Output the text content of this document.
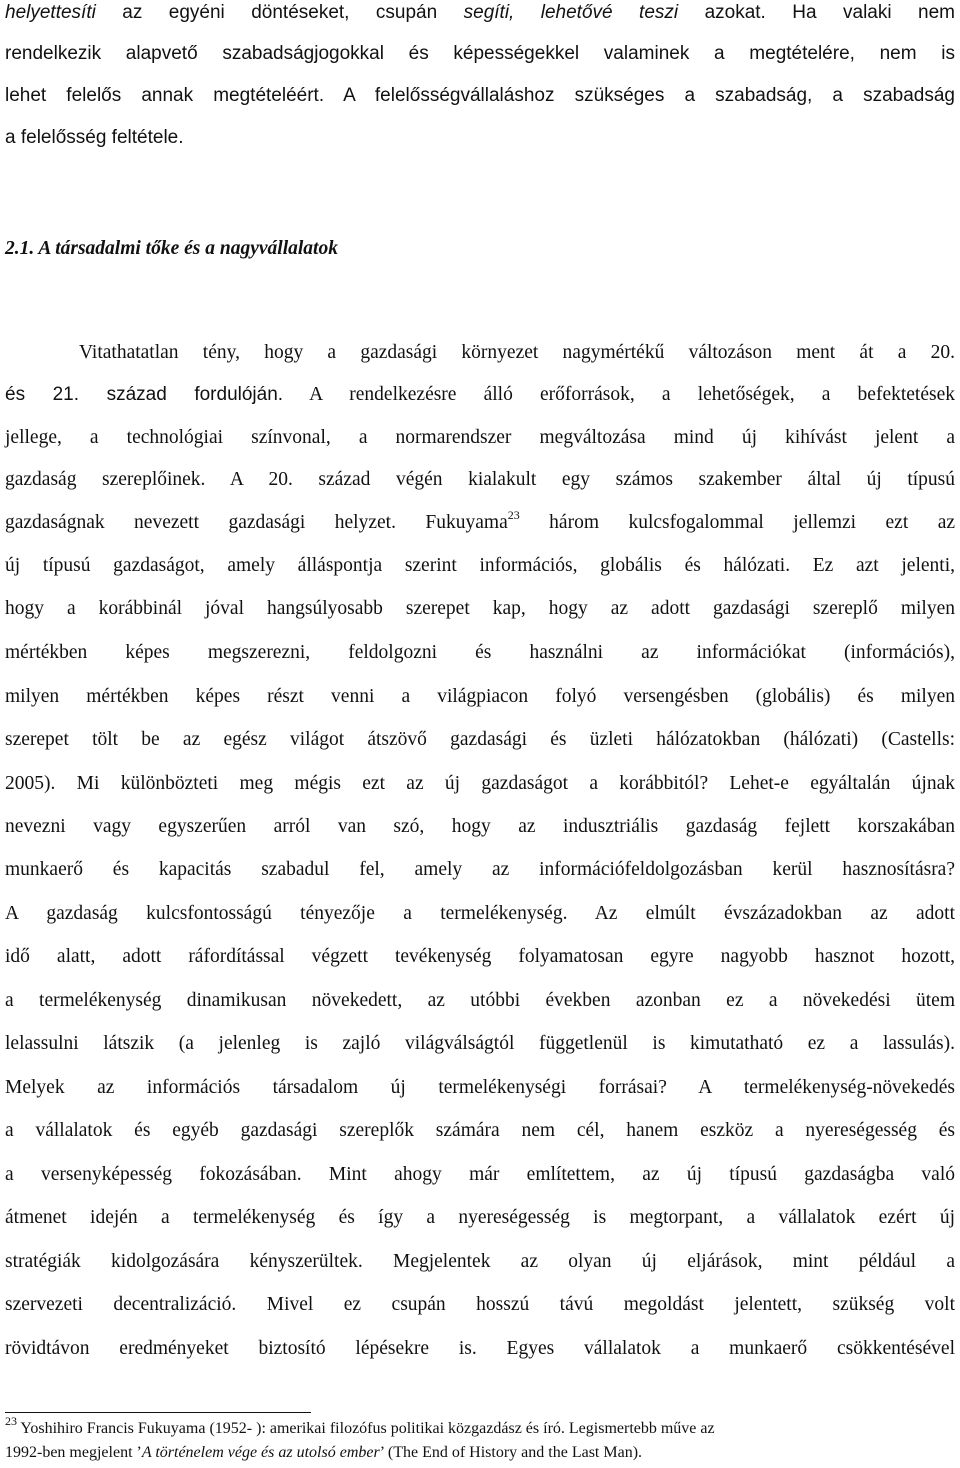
helyettesíti az egyéni döntéseket, csupán segíti, lehetővé teszi azokat. Ha valaki nem
rendelkezik alapvető szabadságjogokkal és képességekkel valaminek a megtételére, nem is
lehet felelős annak megtételéért. A felelősségvállaláshoz szükséges a szabadság, a szabadság
a felelősség feltétele.
2.1. A társadalmi tőke és a nagyvállalatok
Vitathatatlan tény, hogy a gazdasági környezet nagymértékű változáson ment át a 20.
és 21. század fordulóján. A rendelkezésre álló erőforrások, a lehetőségek, a befektetések
jellege, a technológiai színvonal, a normarendszer megváltozása mind új kihívást jelent a
gazdaság szereplőinek. A 20. század végén kialakult egy számos szakember által új típusú
gazdaságnak nevezett gazdasági helyzet. Fukuyama$^{23}$ három kulcsfogalommal jellemzi ezt az
új típusú gazdaságot, amely álláspontja szerint információs, globális és hálózati. Ez azt jelenti,
hogy a korábbinál jóval hangsúlyosabb szerepet kap, hogy az adott gazdasági szereplő milyen
mértékben képes megszerezni, feldolgozni és használni az információkat (információs),
milyen mértékben képes részt venni a világpiacon folyó versengésben (globális) és milyen
szerepet tölt be az egész világot átszövő gazdasági és üzleti hálózatokban (hálózati) (Castells:
2005). Mi különbözteti meg mégis ezt az új gazdaságot a korábbitól? Lehet-e egyáltalán újnak
nevezni vagy egyszerűen arról van szó, hogy az indusztriális gazdaság fejlett korszakában
munkaerő és kapacitás szabadul fel, amely az információfeldolgozásban kerül hasznosításra?
A gazdaság kulcsfontosságú tényezője a termelékenység. Az elmúlt évszázadokban az adott
idő alatt, adott ráfordítással végzett tevékenység folyamatosan egyre nagyobb hasznot hozott,
a termelékenység dinamikusan növekedett, az utóbbi években azonban ez a növekedési ütem
lelassulni látszik (a jelenleg is zajló világválságtól függetlenül is kimutatható ez a lassulás).
Melyek az információs társadalom új termelékenységi forrásai? A termelékenység-növekedés
a vállalatok és egyéb gazdasági szereplők számára nem cél, hanem eszköz a nyereségesség és
a versenyképesség fokozásában. Mint ahogy már említettem, az új típusú gazdaságba való
átmenet idején a termelékenység és így a nyereségesség is megtorpant, a vállalatok ezért új
stratégiák kidolgozására kényszerültek. Megjelentek az olyan új eljárások, mint például a
szervezeti decentralizáció. Mivel ez csupán hosszú távú megoldást jelentett, szükség volt
rövidtávon eredményeket biztosító lépésekre is. Egyes vállalatok a munkaerő csökkentésével
$^{23}$ Yoshihiro Francis Fukuyama (1952- ): amerikai filozófus politikai közgazdász és író. Legismertebb műve az
1992-ben megjelent ’A történelem vége és az utolsó ember’ (The End of History and the Last Man).
